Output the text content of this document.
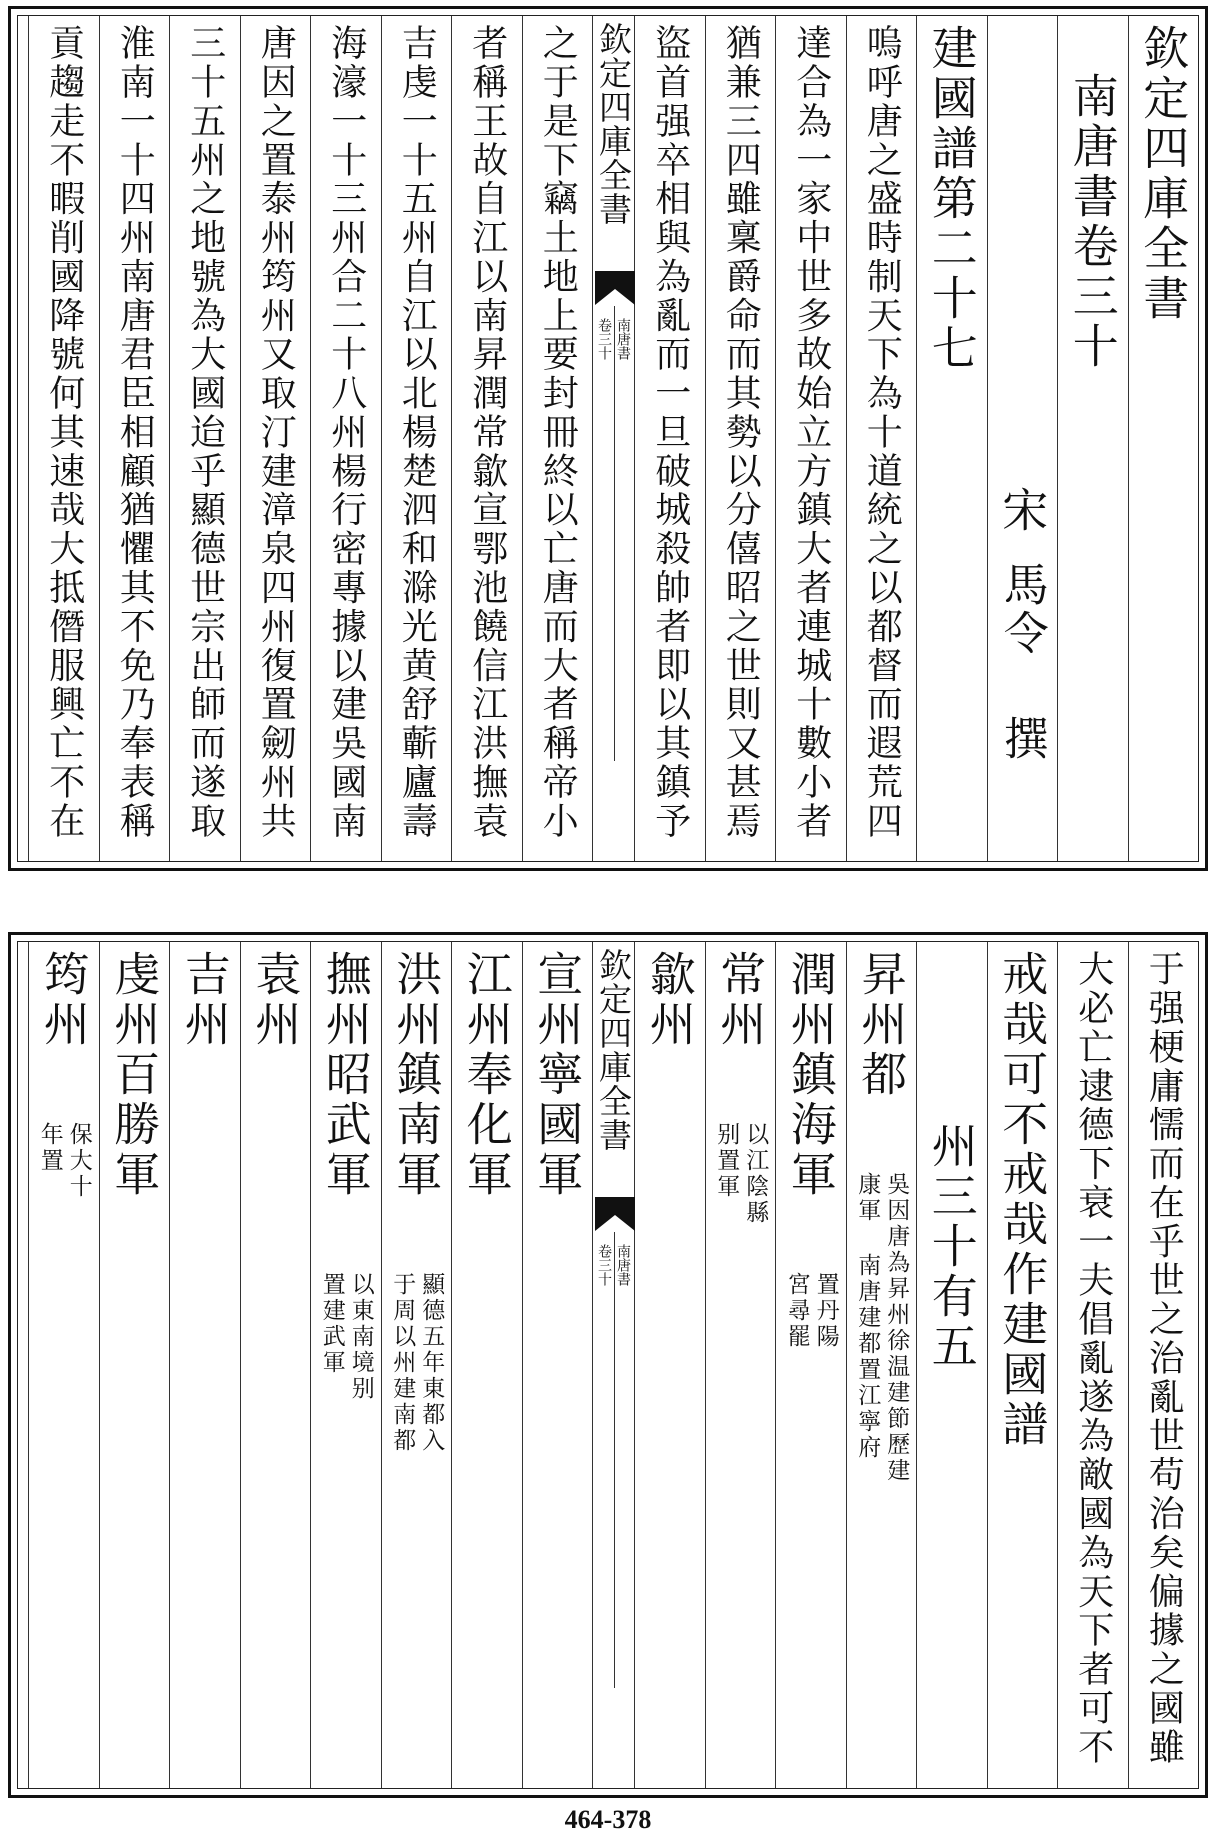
欽定四庫全書
南唐書卷三十
宋
馬令 撰
建國譜第二十七
嗚呼唐之盛時制天下為十道統之以都督而遐荒四
達合為一家中世多故始立方鎮大者連城十數小者
猶兼三四雖稟爵命而其勢以分僖昭之世則又甚焉
盜首强卒相與為亂而一旦破城殺帥者即以其鎮予
欽定四庫全書
南唐書
卷三十
之于是下竊土地上要封冊終以亡唐而大者稱帝小
者稱王故自江以南昇潤常歙宣鄂池饒信江洪撫袁
吉虔一十五州自江以北楊楚泗和滁光黄舒蘄廬壽
海濠一十三州合二十八州楊行密專據以建吳國南
唐因之置泰州筠州又取汀建漳泉四州復置劒州共
三十五州之地號為大國迨乎顯德世宗出師而遂取
淮南一十四州南唐君臣相顧猶懼其不免乃奉表稱
貢趨走不暇削國降號何其速哉大抵僭服興亡不在
于强梗庸懦而在乎世之治亂世苟治矣偏據之國雖
大必亡逮德下衰一夫倡亂遂為敵國為天下者可不
戒哉可不戒哉作建國譜
州三十有五
昇州都
吳因唐為昇州徐温建節歷建
康軍 南唐建都置江寧府
潤州鎮海軍
置丹陽
宮尋罷
常州
以江陰縣
别置軍
歙州
欽定四庫全書
南唐書
卷三十
宣州寧國軍
江州奉化軍
洪州鎮南軍
顯德五年東都入
于周以州建南都
撫州昭武軍
以東南境别
置建武軍
袁州
吉州
虔州百勝軍
筠州
保大十
年置
464-378
